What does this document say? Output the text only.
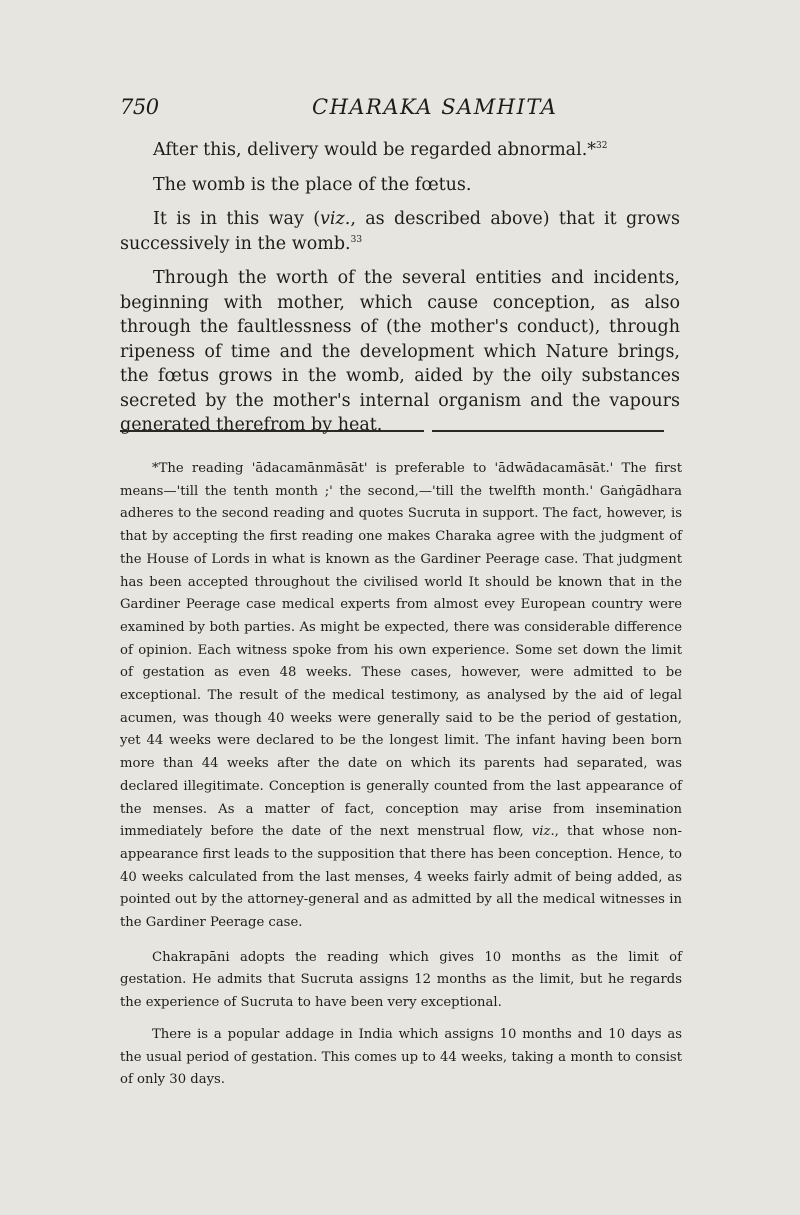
750	CHARAKA SAMHITA

After this, delivery would be regarded abnormal.*$^{32}$

The womb is the place of the fœtus.

It is in this way (viz., as described above) that it grows successively in the womb.$^{33}$

Through the worth of the several entities and incidents, beginning with mother, which cause conception, as also through the faultlessness of (the mother's conduct), through ripeness of time and the development which Nature brings, the fœtus grows in the womb, aided by the oily substances secreted by the mother's internal organism and the vapours generated therefrom by heat.

*The reading 'ādacamānmāsāt' is preferable to 'ādwādacamāsāt.' The first means—'till the tenth month ;' the second,—'till the twelfth month.' Gaṅgādhara adheres to the second reading and quotes Sucruta in support. The fact, however, is that by accepting the first reading one makes Charaka agree with the judgment of the House of Lords in what is known as the Gardiner Peerage case. That judgment has been accepted throughout the civilised world It should be known that in the Gardiner Peerage case medical experts from almost evey European country were examined by both parties. As might be expected, there was considerable difference of opinion. Each witness spoke from his own experience. Some set down the limit of gestation as even 48 weeks. These cases, however, were admitted to be exceptional. The result of the medical testimony, as analysed by the aid of legal acumen, was though 40 weeks were generally said to be the period of gestation, yet 44 weeks were declared to be the longest limit. The infant having been born more than 44 weeks after the date on which its parents had separated, was declared illegitimate. Conception is generally counted from the last appearance of the menses. As a matter of fact, conception may arise from insemination immediately before the date of the next menstrual flow, viz., that whose non-appearance first leads to the supposition that there has been conception. Hence, to 40 weeks calculated from the last menses, 4 weeks fairly admit of being added, as pointed out by the attorney-general and as admitted by all the medical witnesses in the Gardiner Peerage case.

Chakrapāni adopts the reading which gives 10 months as the limit of gestation. He admits that Sucruta assigns 12 months as the limit, but he regards the experience of Sucruta to have been very exceptional.

There is a popular addage in India which assigns 10 months and 10 days as the usual period of gestation. This comes up to 44 weeks, taking a month to consist of only 30 days.
